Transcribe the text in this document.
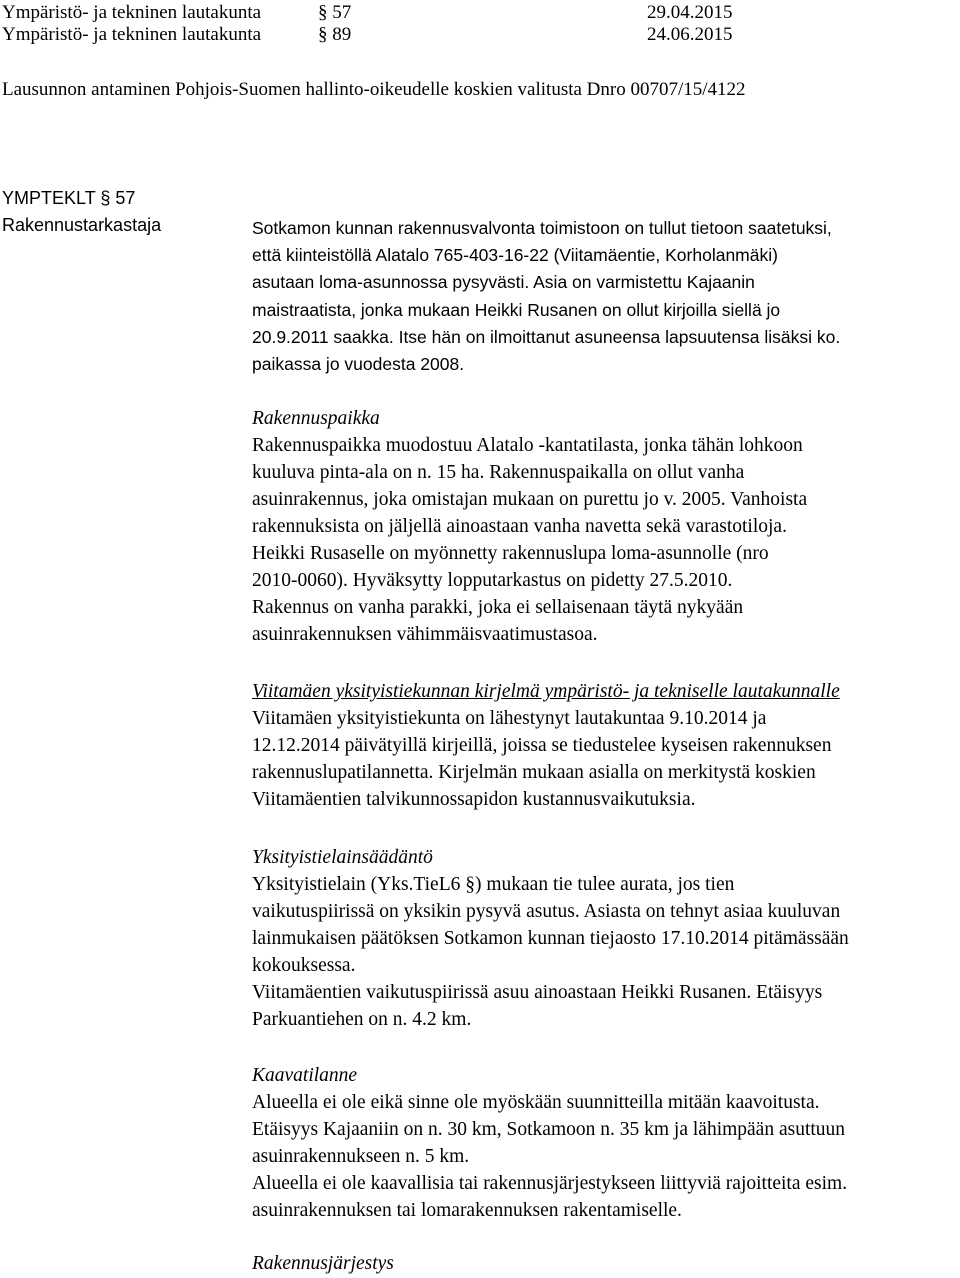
Ympäristö- ja tekninen lautakunta	§ 57	29.04.2015
Ympäristö- ja tekninen lautakunta	§ 89	24.06.2015
Lausunnon antaminen Pohjois-Suomen hallinto-oikeudelle koskien valitusta Dnro 00707/15/4122
YMPTEKLT § 57
Rakennustarkastaja	Sotkamon kunnan rakennusvalvonta toimistoon on tullut tietoon saatetuksi,

että kiinteistöllä Alatalo 765-403-16-22 (Viitamäentie, Korholanmäki)

asutaan loma-asunnossa pysyvästi. Asia on varmistettu Kajaanin

maistraatista, jonka mukaan Heikki Rusanen on ollut kirjoilla siellä jo

20.9.2011 saakka. Itse hän on ilmoittanut asuneensa lapsuutensa lisäksi ko.

paikassa jo vuodesta 2008.

Rakennuspaikka

Rakennuspaikka muodostuu Alatalo -kantatilasta, jonka tähän lohkoon

kuuluva pinta-ala on n. 15 ha. Rakennuspaikalla on ollut vanha

asuinrakennus, joka omistajan mukaan on purettu jo v. 2005. Vanhoista

rakennuksista on jäljellä ainoastaan vanha navetta sekä varastotiloja.

Heikki Rusaselle on myönnetty rakennuslupa loma-asunnolle (nro

2010-0060). Hyväksytty lopputarkastus on pidetty 27.5.2010.

Rakennus on vanha parakki, joka ei sellaisenaan täytä nykyään

asuinrakennuksen vähimmäisvaatimustasoa.

Viitamäen yksityistiekunnan kirjelmä ympäristö- ja tekniselle lautakunnalle

Viitamäen yksityistiekunta on lähestynyt lautakuntaa 9.10.2014 ja

12.12.2014 päivätyillä kirjeillä, joissa se tiedustelee kyseisen rakennuksen

rakennuslupatilannetta. Kirjelmän mukaan asialla on merkitystä koskien

Viitamäentien talvikunnossapidon kustannusvaikutuksia.

Yksityistielainsäädäntö

Yksityistielain (Yks.TieL6 §) mukaan tie tulee aurata, jos tien

vaikutuspiirissä on yksikin pysyvä asutus. Asiasta on tehnyt asiaa kuuluvan

lainmukaisen päätöksen Sotkamon kunnan tiejaosto 17.10.2014 pitämässään

kokouksessa.

Viitamäentien vaikutuspiirissä asuu ainoastaan Heikki Rusanen. Etäisyys

Parkuantiehen on n. 4.2 km.

Kaavatilanne

Alueella ei ole eikä sinne ole myöskään suunnitteilla mitään kaavoitusta.

Etäisyys Kajaaniin on n. 30 km, Sotkamoon n. 35 km ja lähimpään asuttuun

asuinrakennukseen n. 5 km.

Alueella ei ole kaavallisia tai rakennusjärjestykseen liittyviä rajoitteita esim.

asuinrakennuksen tai lomarakennuksen rakentamiselle.

Rakennusjärjestys
